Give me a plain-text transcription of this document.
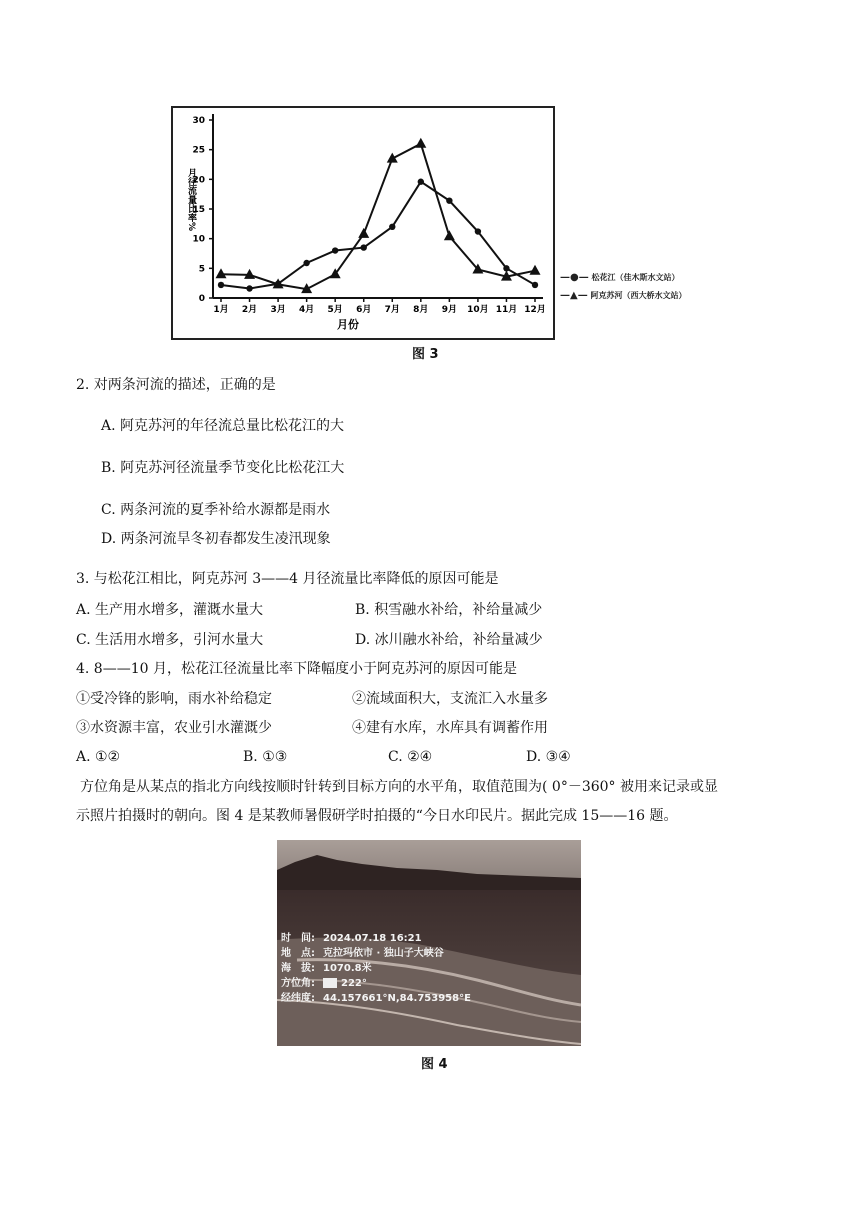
0
5
10
15
20
25
30
1月 2月 3月 4月 5月 6月 7月 8月 9月 10月 11月 12月
月份
月径流量比率%
—●— 松花江（佳木斯水文站）
—▲— 阿克苏河（西大桥水文站）
图 3
2. 对两条河流的描述，正确的是
A. 阿克苏河的年径流总量比松花江的大
B. 阿克苏河径流量季节变化比松花江大
C. 两条河流的夏季补给水源都是雨水
D. 两条河流旱冬初春都发生凌汛现象
3. 与松花江相比，阿克苏河 3——4 月径流量比率降低的原因可能是
A. 生产用水增多，灌溉水量大	B. 积雪融水补给，补给量减少
C. 生活用水增多，引河水量大	D. 冰川融水补给，补给量减少
4. 8——10 月，松花江径流量比率下降幅度小于阿克苏河的原因可能是
①受冷锋的影响，雨水补给稳定	②流域面积大，支流汇入水量多
③水资源丰富，农业引水灌溉少	④建有水库，水库具有调蓄作用
A. ①②	B. ①③	C. ②④	D. ③④
方位角是从某点的指北方向线按顺时针转到目标方向的水平角，取值范围为( 0°－360° 被用来记录或显
示照片拍摄时的朝向。图 4 是某教师暑假研学时拍摄的“今日水印民片。据此完成 15——16 题。
时　间: 2024.07.18 16:21
地　点: 克拉玛依市 · 独山子大峡谷
海　拔: 1070.8米
方位角:	222°
经纬度: 44.157661°N,84.753958°E
图 4
